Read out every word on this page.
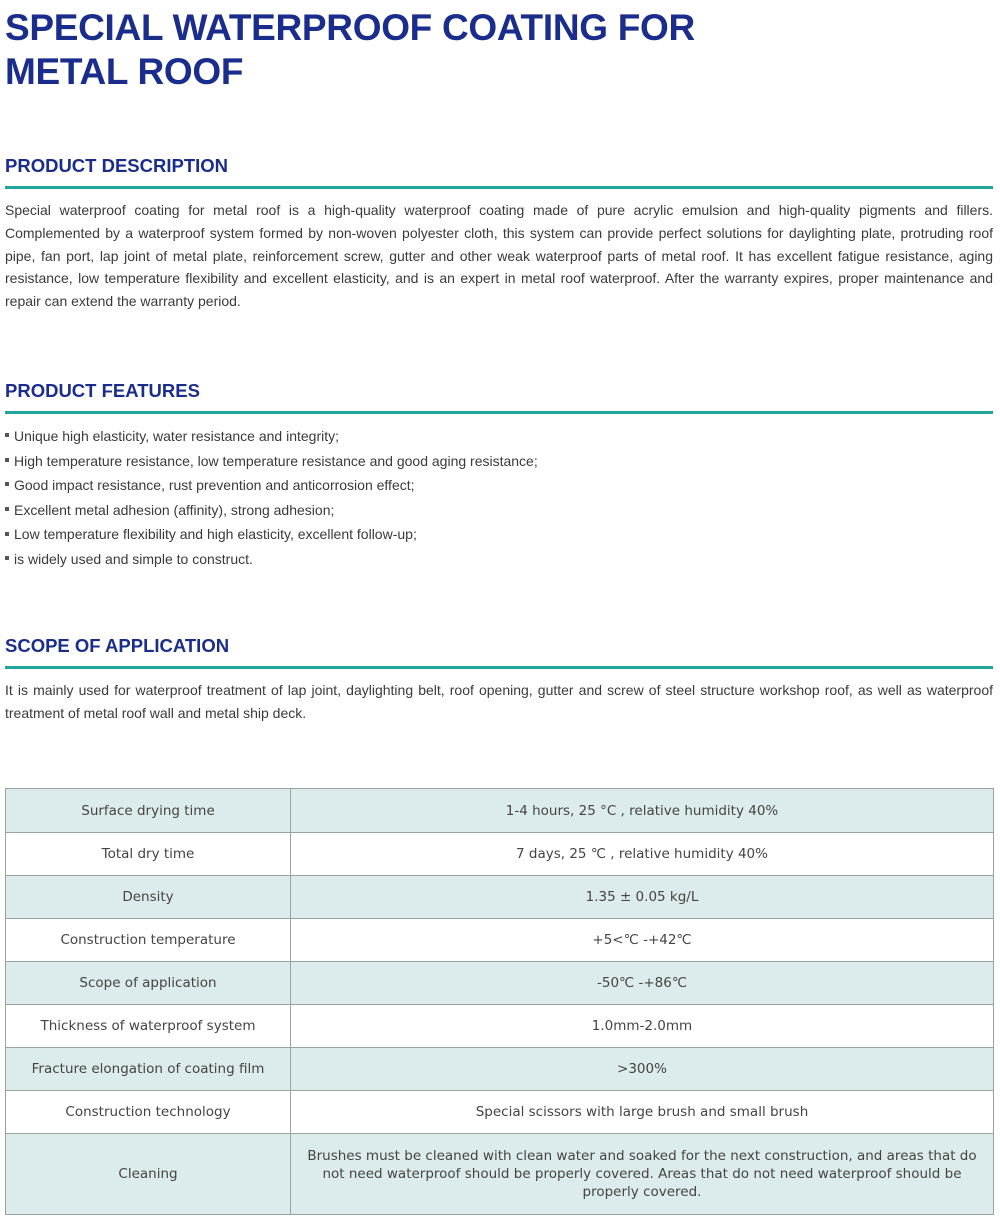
SPECIAL WATERPROOF COATING FOR METAL ROOF
PRODUCT DESCRIPTION

Special waterproof coating for metal roof is a high-quality waterproof coating made of pure acrylic emulsion and high-quality pigments and fillers. Complemented by a waterproof system formed by non-woven polyester cloth, this system can provide perfect solutions for daylighting plate, protruding roof pipe, fan port, lap joint of metal plate, reinforcement screw, gutter and other weak waterproof parts of metal roof. It has excellent fatigue resistance, aging resistance, low temperature flexibility and excellent elasticity, and is an expert in metal roof waterproof. After the warranty expires, proper maintenance and repair can extend the warranty period.

PRODUCT FEATURES
Unique high elasticity, water resistance and integrity;
High temperature resistance, low temperature resistance and good aging resistance;
Good impact resistance, rust prevention and anticorrosion effect;
Excellent metal adhesion (affinity), strong adhesion;
Low temperature flexibility and high elasticity, excellent follow-up;
is widely used and simple to construct.
SCOPE OF APPLICATION

It is mainly used for waterproof treatment of lap joint, daylighting belt, roof opening, gutter and screw of steel structure workshop roof, as well as waterproof treatment of metal roof wall and metal ship deck.

Surface drying time	1-4 hours, 25 °C , relative humidity 40%
Total dry time	7 days, 25 ℃ , relative humidity 40%
Density	1.35 ± 0.05 kg/L
Construction temperature	+5<℃ -+42℃
Scope of application	-50℃ -+86℃
Thickness of waterproof system	1.0mm-2.0mm
Fracture elongation of coating film	>300%
Construction technology	Special scissors with large brush and small brush
Cleaning	Brushes must be cleaned with clean water and soaked for the next construction, and areas that do not need waterproof should be properly covered. Areas that do not need waterproof should be properly covered.
